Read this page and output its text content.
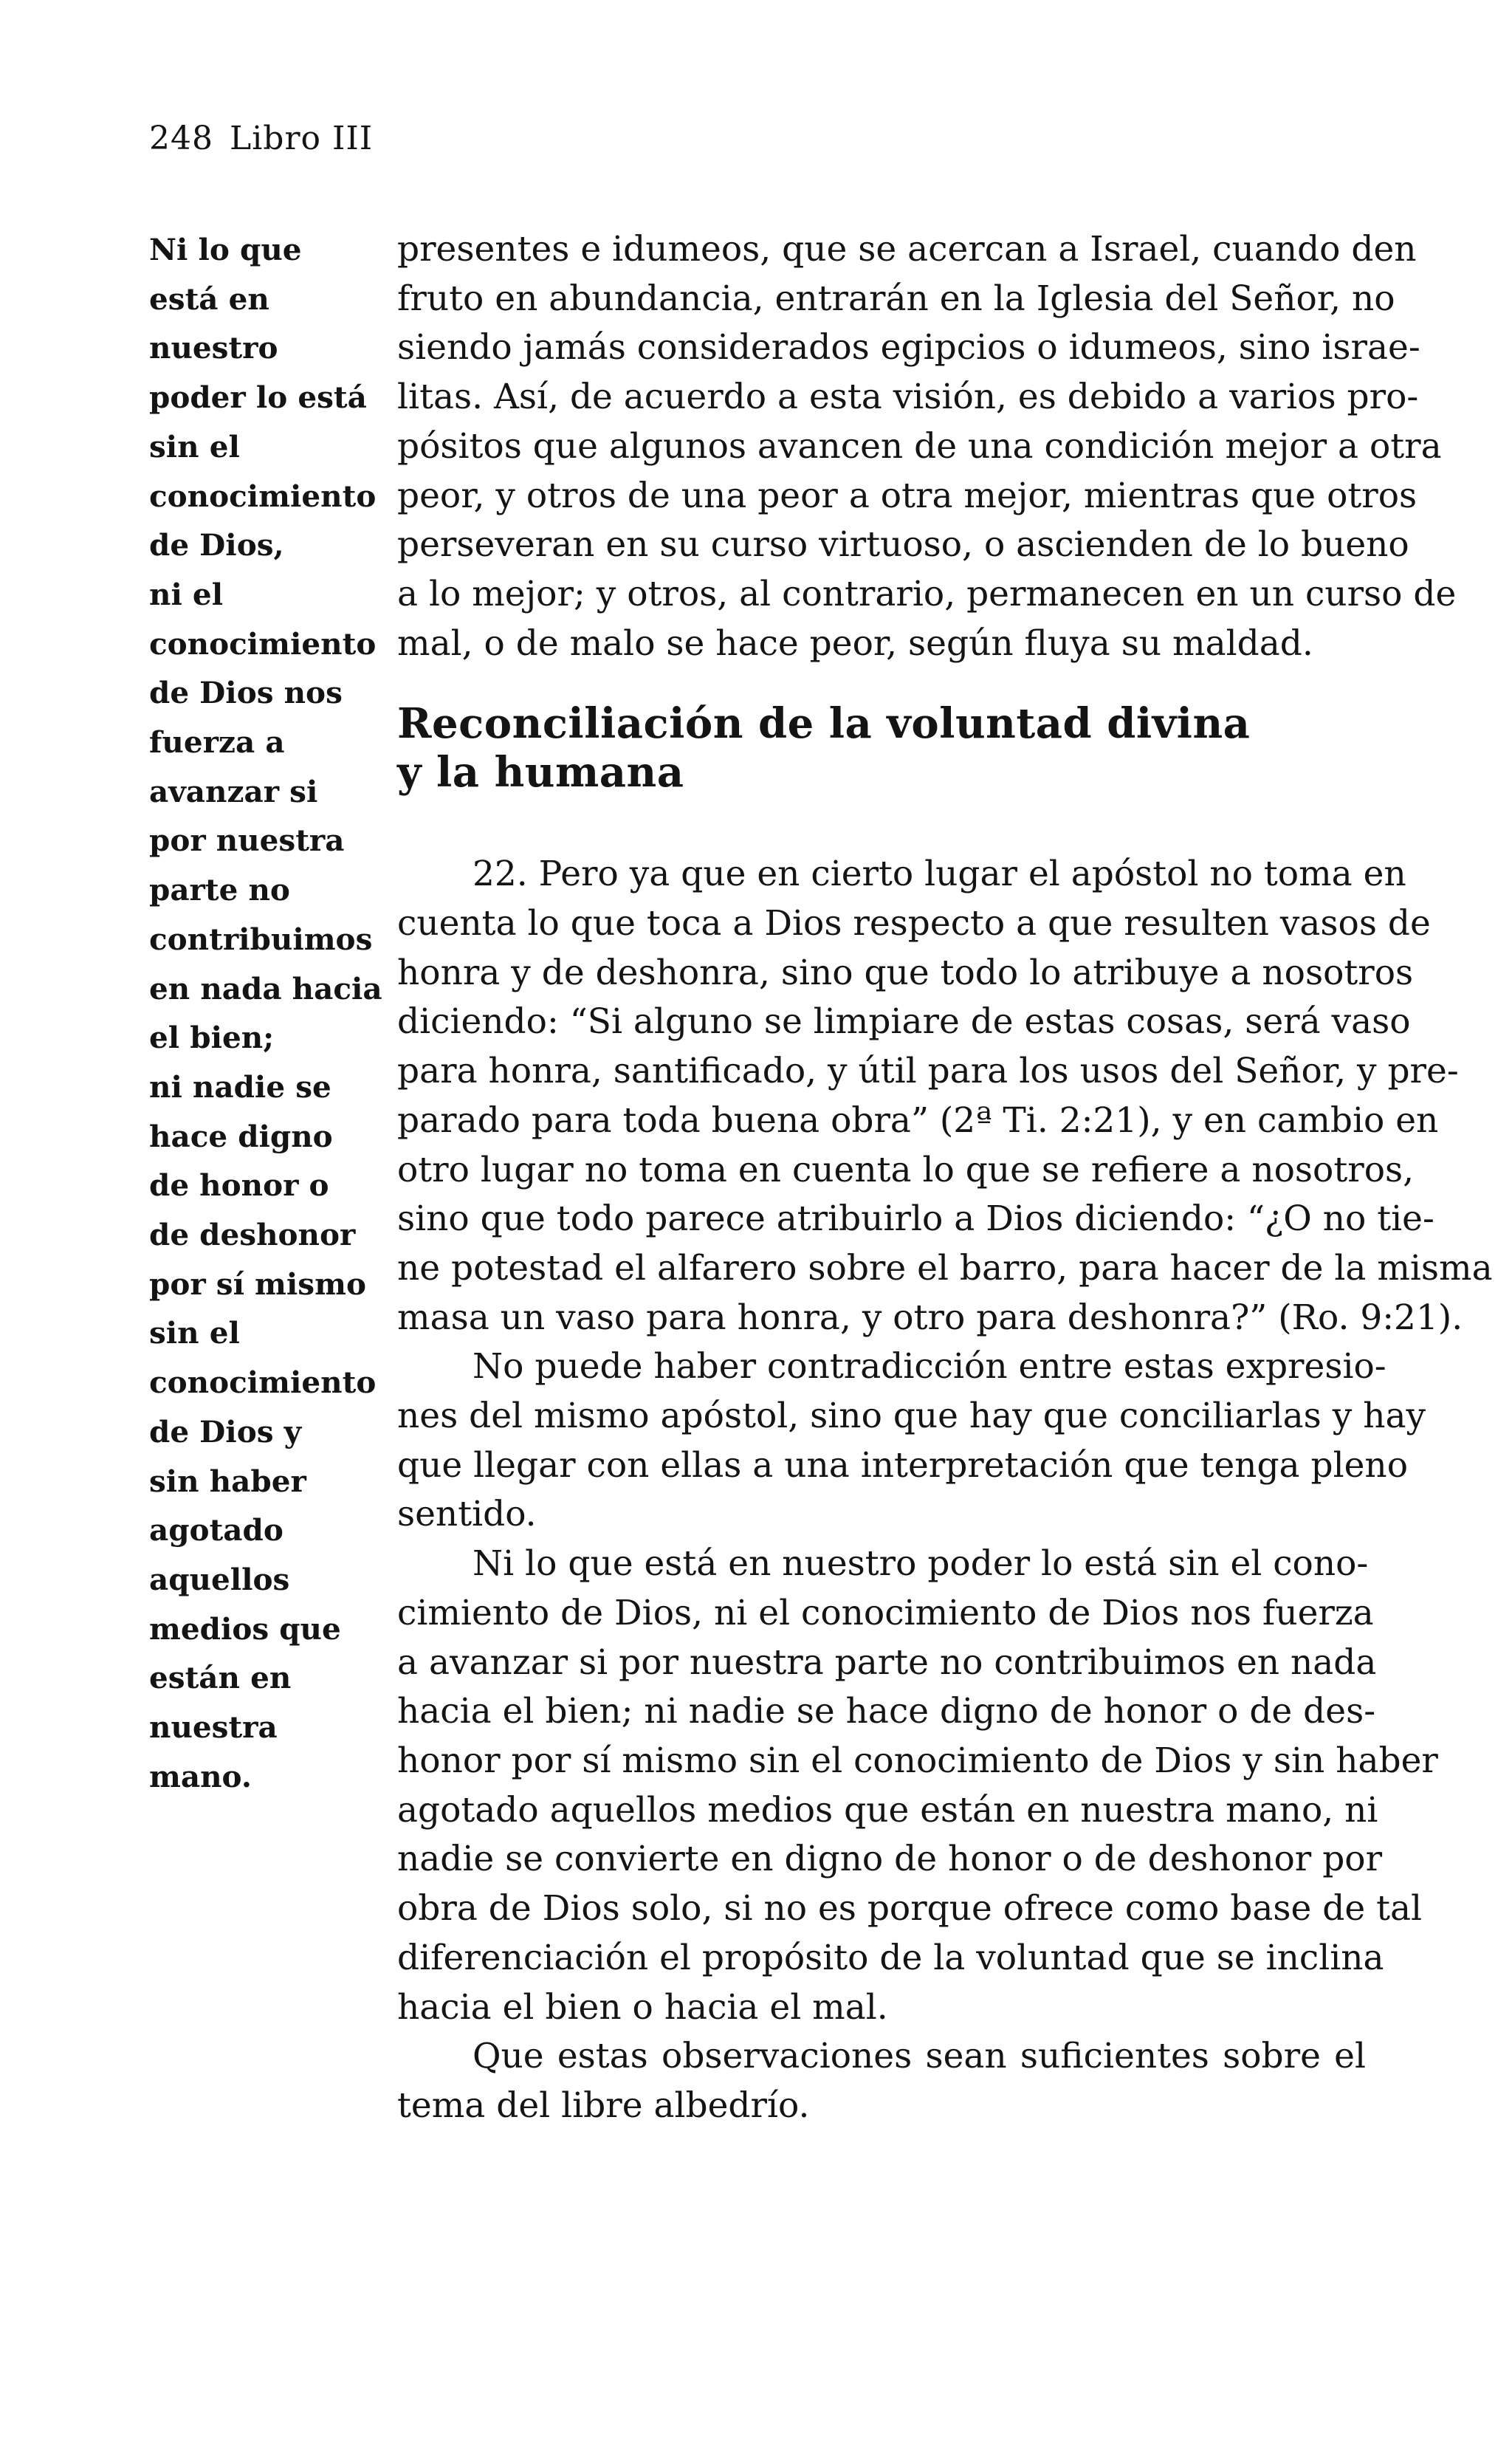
248 Libro III
Ni lo que
está en
nuestro
poder lo está
sin el
conocimiento
de Dios,
ni el
conocimiento
de Dios nos
fuerza a
avanzar si
por nuestra
parte no
contribuimos
en nada hacia
el bien;
ni nadie se
hace digno
de honor o
de deshonor
por sí mismo
sin el
conocimiento
de Dios y
sin haber
agotado
aquellos
medios que
están en
nuestra
mano.
presentes e idumeos, que se acercan a Israel, cuando den
fruto en abundancia, entrarán en la Iglesia del Señor, no
siendo jamás considerados egipcios o idumeos, sino israe-
litas. Así, de acuerdo a esta visión, es debido a varios pro-
pósitos que algunos avancen de una condición mejor a otra
peor, y otros de una peor a otra mejor, mientras que otros
perseveran en su curso virtuoso, o ascienden de lo bueno
a lo mejor; y otros, al contrario, permanecen en un curso de
mal, o de malo se hace peor, según fluya su maldad.
Reconciliación de la voluntad divina
y la humana
22. Pero ya que en cierto lugar el apóstol no toma en
cuenta lo que toca a Dios respecto a que resulten vasos de
honra y de deshonra, sino que todo lo atribuye a nosotros
diciendo: “Si alguno se limpiare de estas cosas, será vaso
para honra, santificado, y útil para los usos del Señor, y pre-
parado para toda buena obra” (2ª Ti. 2:21), y en cambio en
otro lugar no toma en cuenta lo que se refiere a nosotros,
sino que todo parece atribuirlo a Dios diciendo: “¿O no tie-
ne potestad el alfarero sobre el barro, para hacer de la misma
masa un vaso para honra, y otro para deshonra?” (Ro. 9:21).
No puede haber contradicción entre estas expresio-
nes del mismo apóstol, sino que hay que conciliarlas y hay
que llegar con ellas a una interpretación que tenga pleno
sentido.
Ni lo que está en nuestro poder lo está sin el cono-
cimiento de Dios, ni el conocimiento de Dios nos fuerza
a avanzar si por nuestra parte no contribuimos en nada
hacia el bien; ni nadie se hace digno de honor o de des-
honor por sí mismo sin el conocimiento de Dios y sin haber
agotado aquellos medios que están en nuestra mano, ni
nadie se convierte en digno de honor o de deshonor por
obra de Dios solo, si no es porque ofrece como base de tal
diferenciación el propósito de la voluntad que se inclina
hacia el bien o hacia el mal.
Que estas observaciones sean suficientes sobre el
tema del libre albedrío.
